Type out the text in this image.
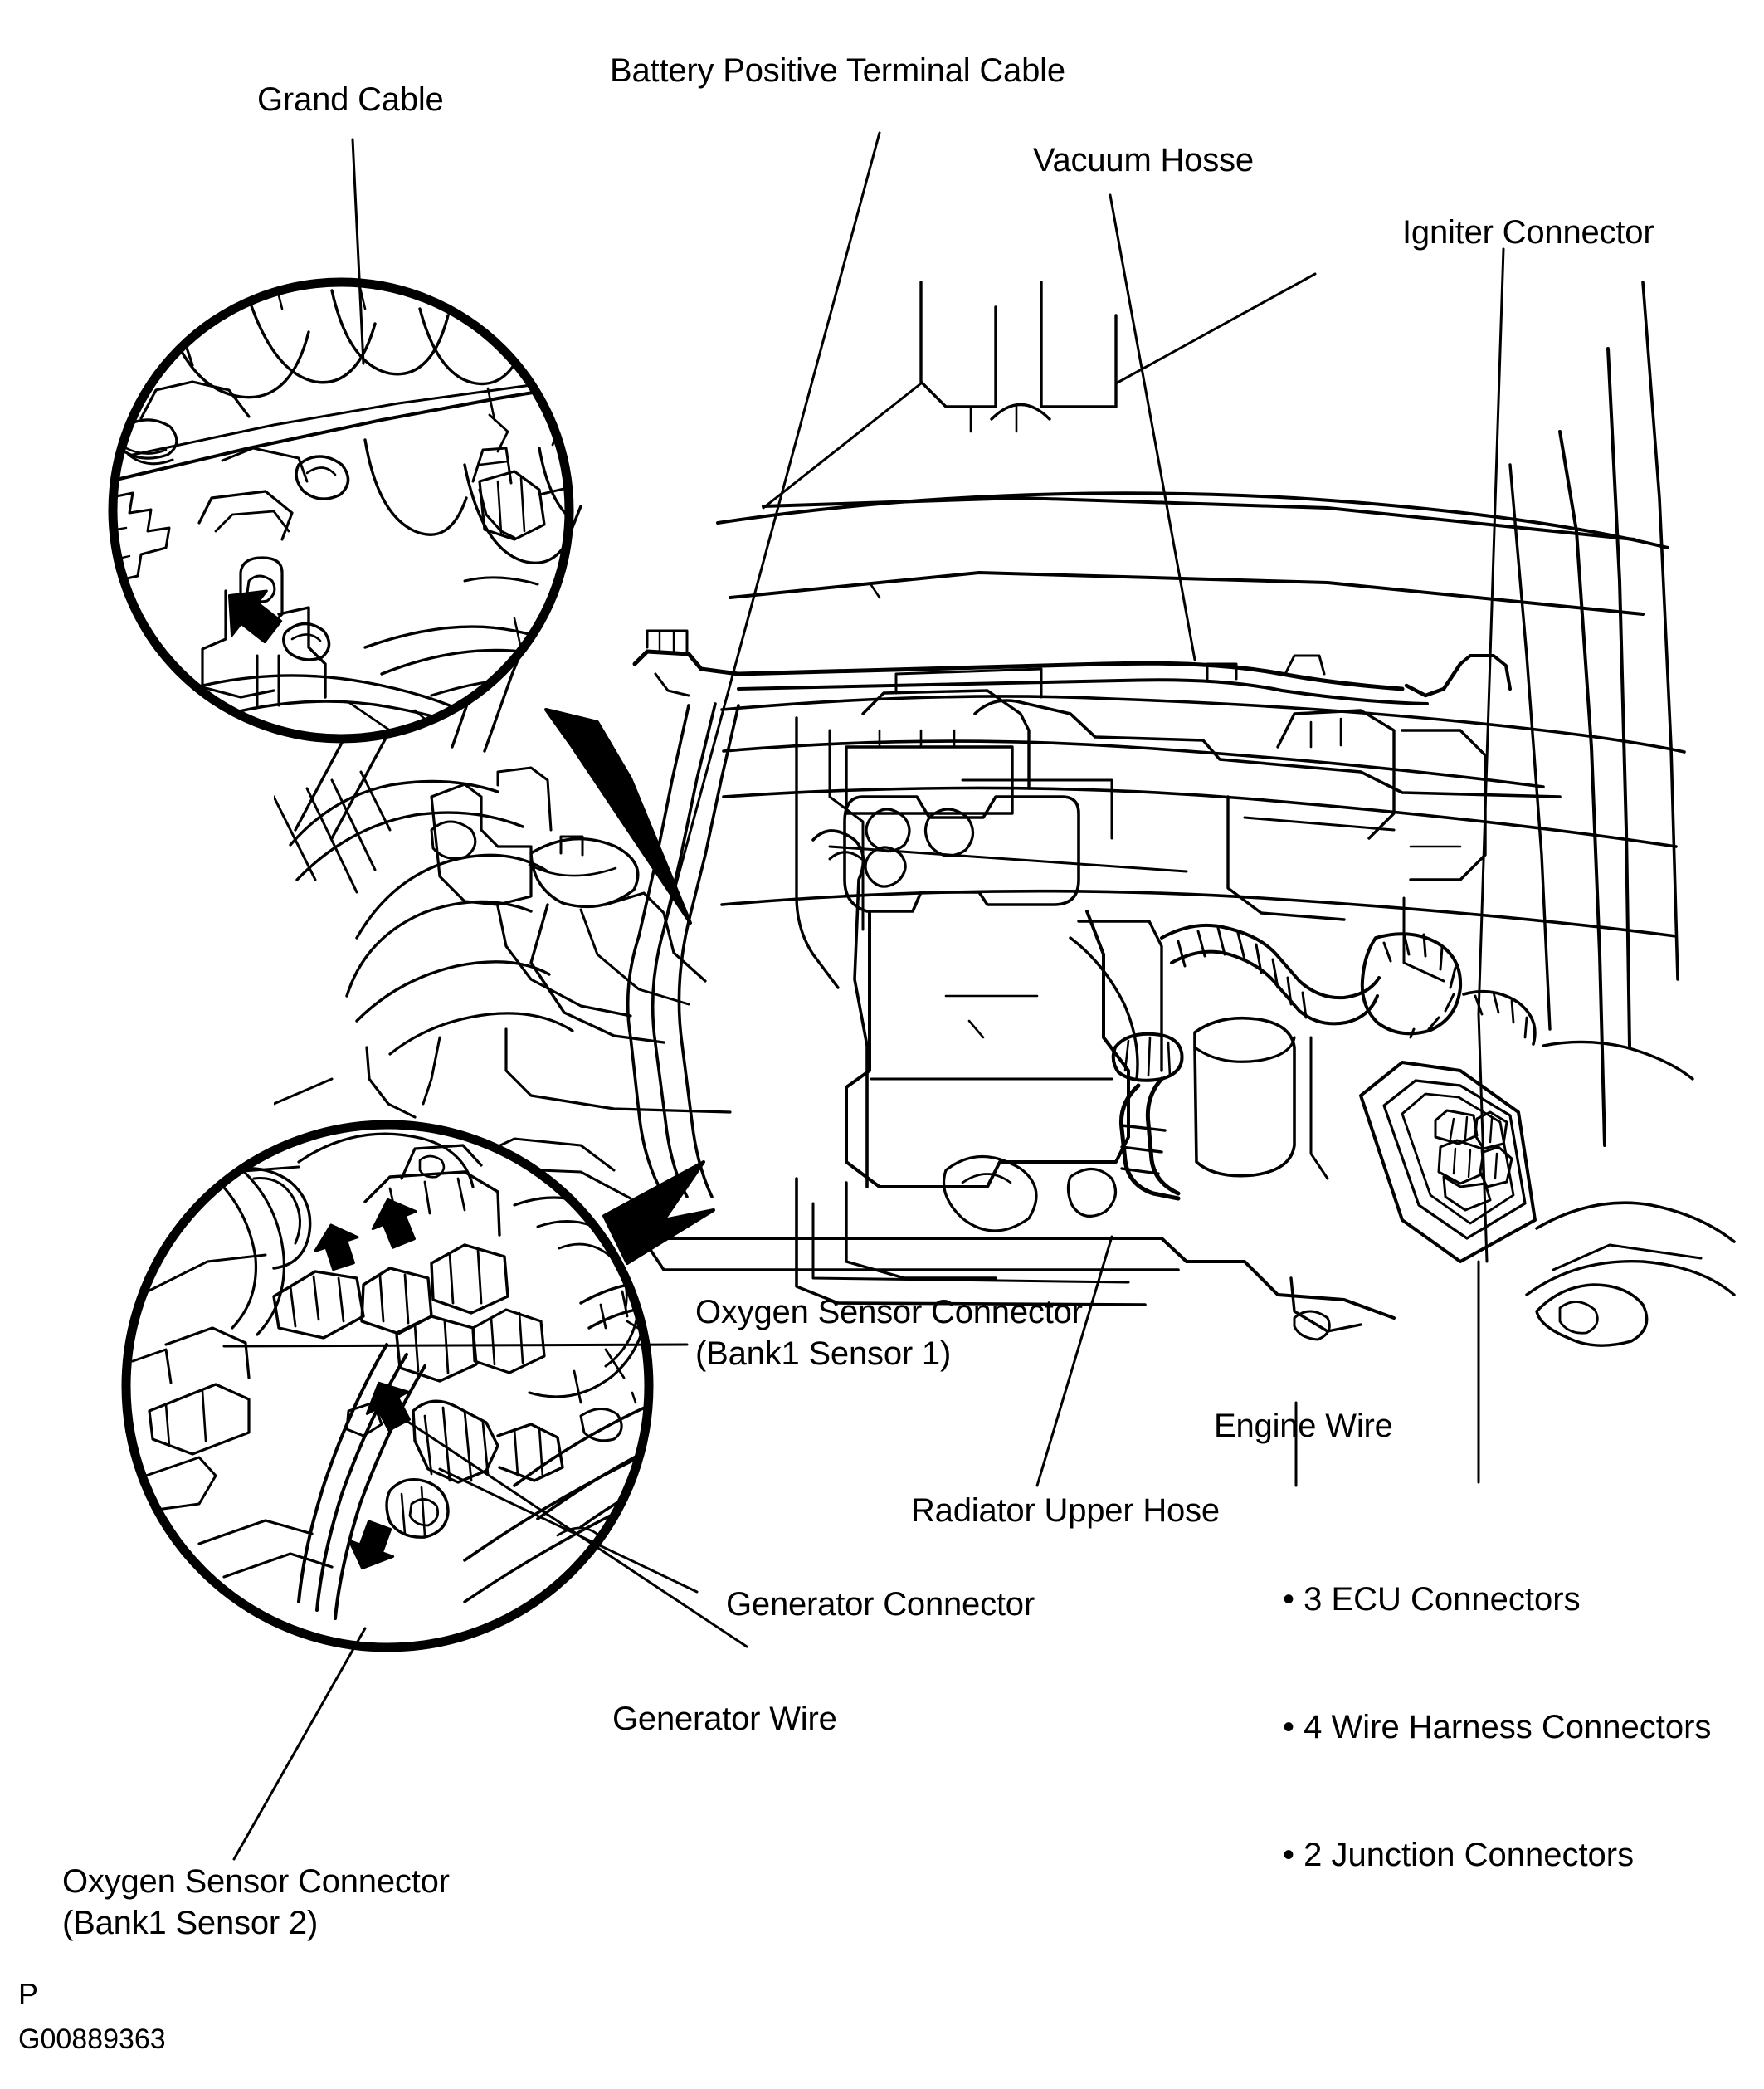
Grand Cable
Battery Positive Terminal Cable
Vacuum Hosse
Igniter Connector
Oxygen Sensor Connector
(Bank1 Sensor 1)
Engine Wire
Radiator Upper Hose
Generator Connector
Generator Wire
Oxygen Sensor Connector
(Bank1 Sensor 2)

• 3 ECU Connectors

• 4 Wire Harness Connectors

• 2 Junction Connectors

P
G00889363
